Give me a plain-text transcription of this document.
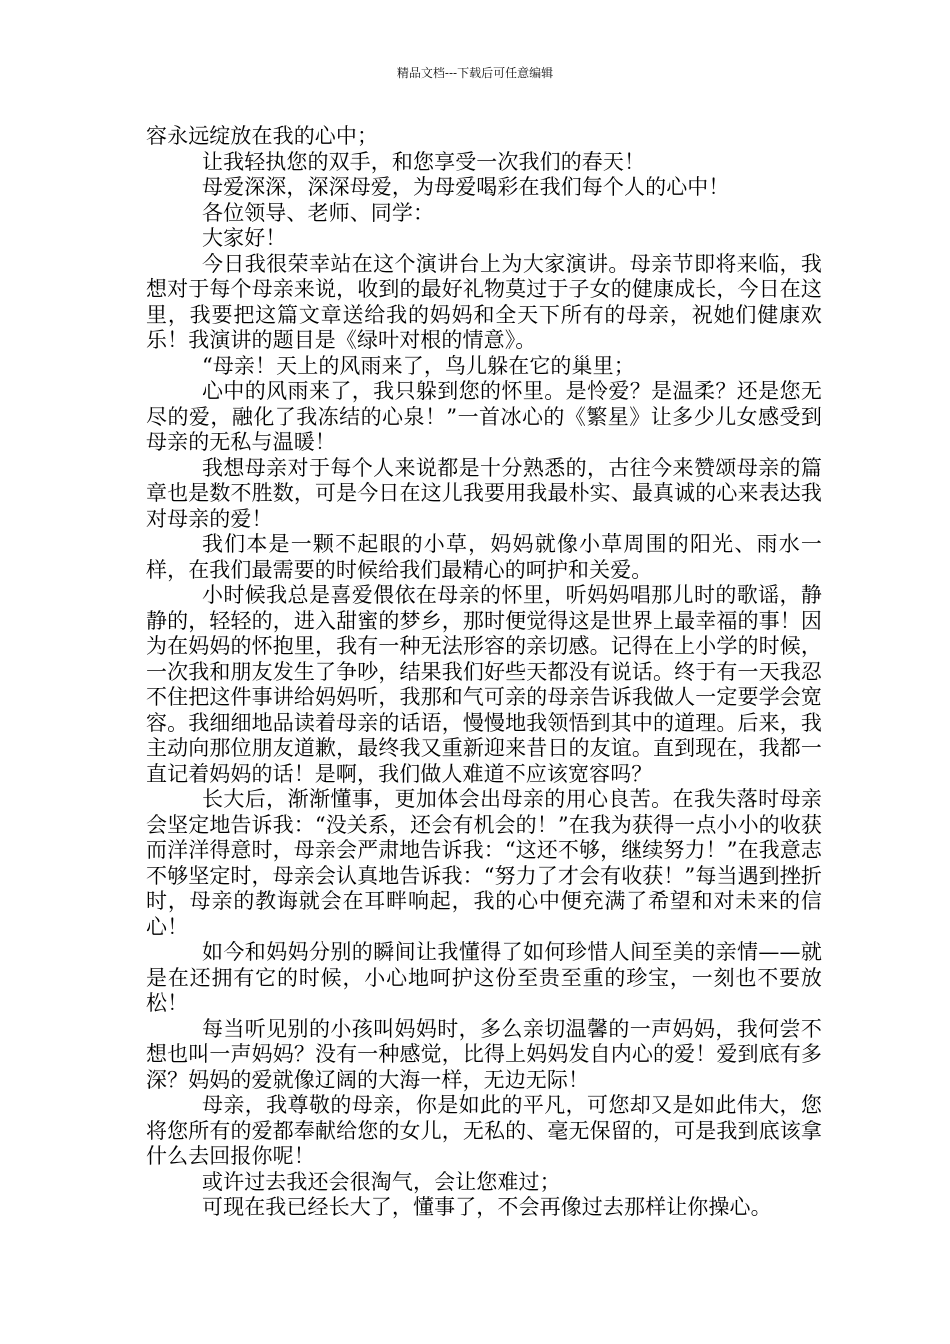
精品文档---下载后可任意编辑

容永远绽放在我的心中；

让我轻执您的双手，和您享受一次我们的春天！

母爱深深，深深母爱，为母爱喝彩在我们每个人的心中！

各位领导、老师、同学：

大家好！

今日我很荣幸站在这个演讲台上为大家演讲。母亲节即将来临，我想对于每个母亲来说，收到的最好礼物莫过于子女的健康成长，今日在这里，我要把这篇文章送给我的妈妈和全天下所有的母亲，祝她们健康欢乐！我演讲的题目是《绿叶对根的情意》。

“母亲！天上的风雨来了，鸟儿躲在它的巢里；

心中的风雨来了，我只躲到您的怀里。是怜爱？是温柔？还是您无尽的爱，融化了我冻结的心泉！”一首冰心的《繁星》让多少儿女感受到母亲的无私与温暖！

我想母亲对于每个人来说都是十分熟悉的，古往今来赞颂母亲的篇章也是数不胜数，可是今日在这儿我要用我最朴实、最真诚的心来表达我对母亲的爱！

我们本是一颗不起眼的小草，妈妈就像小草周围的阳光、雨水一样，在我们最需要的时候给我们最精心的呵护和关爱。

小时候我总是喜爱偎依在母亲的怀里，听妈妈唱那儿时的歌谣，静静的，轻轻的，进入甜蜜的梦乡，那时便觉得这是世界上最幸福的事！因为在妈妈的怀抱里，我有一种无法形容的亲切感。记得在上小学的时候，一次我和朋友发生了争吵，结果我们好些天都没有说话。终于有一天我忍不住把这件事讲给妈妈听，我那和气可亲的母亲告诉我做人一定要学会宽容。我细细地品读着母亲的话语，慢慢地我领悟到其中的道理。后来，我主动向那位朋友道歉，最终我又重新迎来昔日的友谊。直到现在，我都一直记着妈妈的话！是啊，我们做人难道不应该宽容吗？

长大后，渐渐懂事，更加体会出母亲的用心良苦。在我失落时母亲会坚定地告诉我：“没关系，还会有机会的！”在我为获得一点小小的收获而洋洋得意时，母亲会严肃地告诉我：“这还不够，继续努力！”在我意志不够坚定时，母亲会认真地告诉我：“努力了才会有收获！”每当遇到挫折时，母亲的教诲就会在耳畔响起，我的心中便充满了希望和对未来的信心！

如今和妈妈分别的瞬间让我懂得了如何珍惜人间至美的亲情——就是在还拥有它的时候，小心地呵护这份至贵至重的珍宝，一刻也不要放松！

每当听见别的小孩叫妈妈时，多么亲切温馨的一声妈妈，我何尝不想也叫一声妈妈？没有一种感觉，比得上妈妈发自内心的爱！爱到底有多深？妈妈的爱就像辽阔的大海一样，无边无际！

母亲，我尊敬的母亲，你是如此的平凡，可您却又是如此伟大，您将您所有的爱都奉献给您的女儿，无私的、毫无保留的，可是我到底该拿什么去回报你呢！

或许过去我还会很淘气，会让您难过；

可现在我已经长大了，懂事了，不会再像过去那样让你操心。
